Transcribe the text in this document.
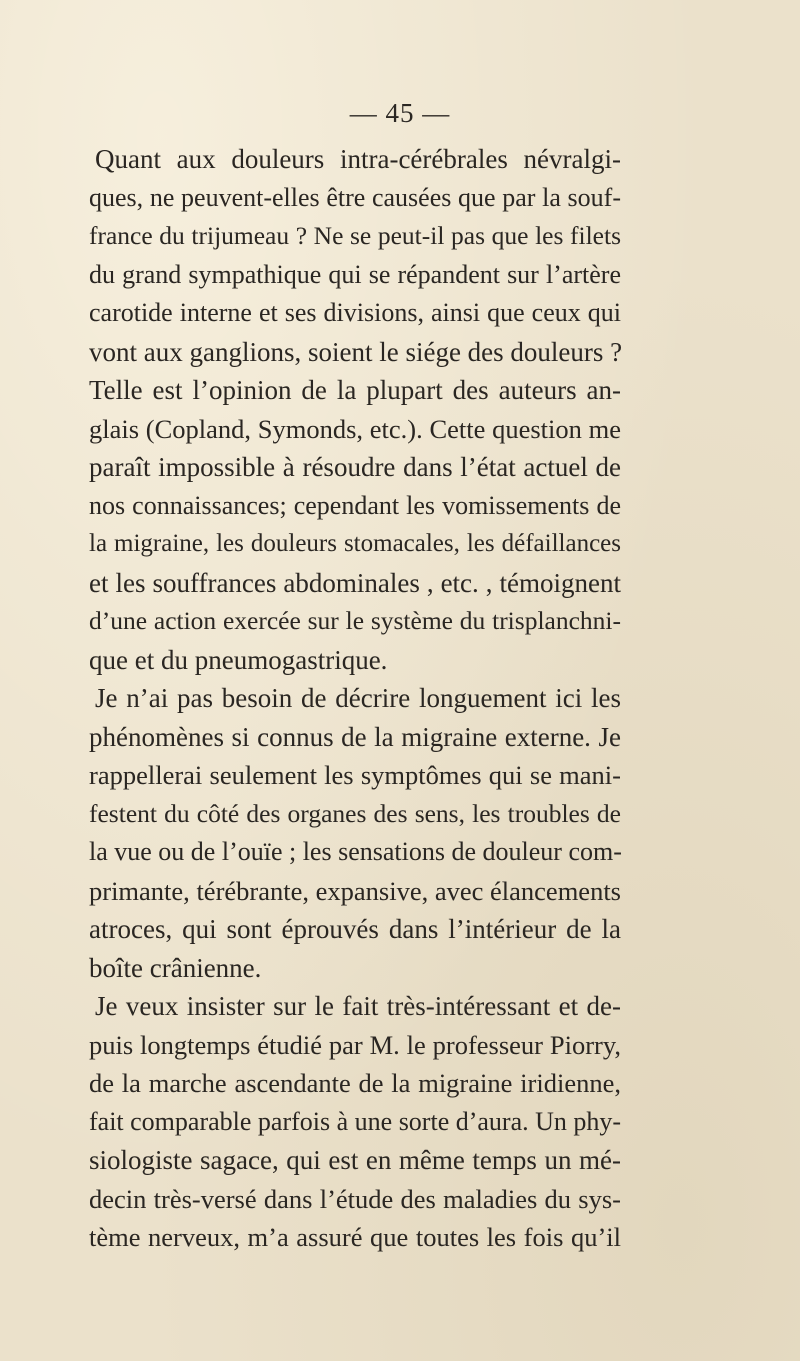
— 45 —
Quant aux douleurs intra-cérébrales névralgi-
ques, ne peuvent-elles être causées que par la souf-
france du trijumeau ? Ne se peut-il pas que les filets
du grand sympathique qui se répandent sur l’artère
carotide interne et ses divisions, ainsi que ceux qui
vont aux ganglions, soient le siége des douleurs ?
Telle est l’opinion de la plupart des auteurs an-
glais (Copland, Symonds, etc.). Cette question me
paraît impossible à résoudre dans l’état actuel de
nos connaissances; cependant les vomissements de
la migraine, les douleurs stomacales, les défaillances
et les souffrances abdominales , etc. , témoignent
d’une action exercée sur le système du trisplanchni-
que et du pneumogastrique.
Je n’ai pas besoin de décrire longuement ici les
phénomènes si connus de la migraine externe. Je
rappellerai seulement les symptômes qui se mani-
festent du côté des organes des sens, les troubles de
la vue ou de l’ouïe ; les sensations de douleur com-
primante, térébrante, expansive, avec élancements
atroces, qui sont éprouvés dans l’intérieur de la
boîte crânienne.
Je veux insister sur le fait très-intéressant et de-
puis longtemps étudié par M. le professeur Piorry,
de la marche ascendante de la migraine iridienne,
fait comparable parfois à une sorte d’aura. Un phy-
siologiste sagace, qui est en même temps un mé-
decin très-versé dans l’étude des maladies du sys-
tème nerveux, m’a assuré que toutes les fois qu’il
